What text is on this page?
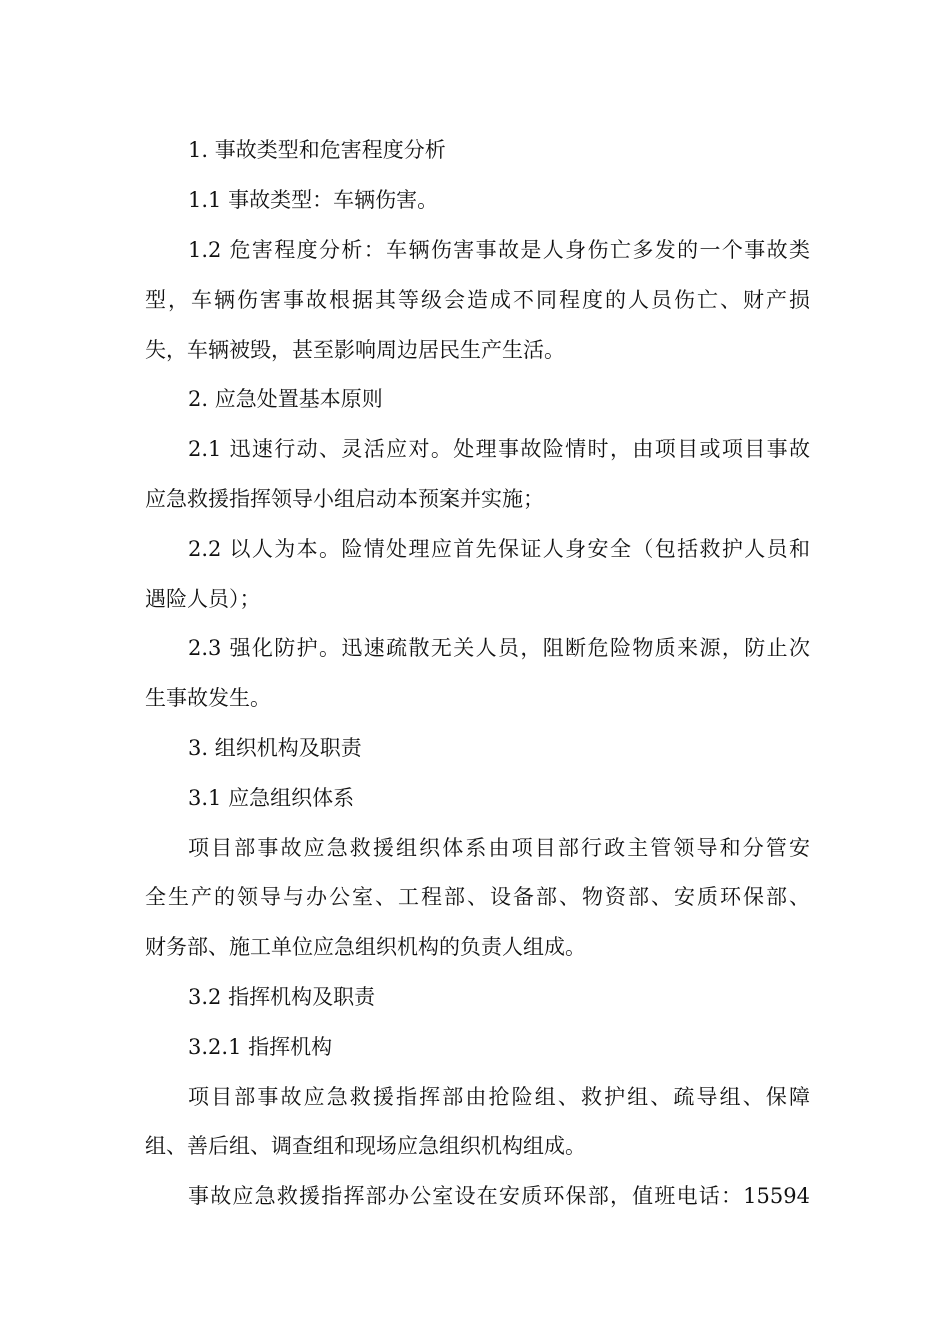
1. 事故类型和危害程度分析
1.1 事故类型：车辆伤害。
1.2 危害程度分析：车辆伤害事故是人身伤亡多发的一个事故类
型，车辆伤害事故根据其等级会造成不同程度的人员伤亡、财产损
失，车辆被毁，甚至影响周边居民生产生活。
2. 应急处置基本原则
2.1 迅速行动、灵活应对。处理事故险情时，由项目或项目事故
应急救援指挥领导小组启动本预案并实施；
2.2 以人为本。险情处理应首先保证人身安全（包括救护人员和
遇险人员）；
2.3 强化防护。迅速疏散无关人员，阻断危险物质来源，防止次
生事故发生。
3. 组织机构及职责
3.1 应急组织体系
项目部事故应急救援组织体系由项目部行政主管领导和分管安
全生产的领导与办公室、工程部、设备部、物资部、安质环保部、
财务部、施工单位应急组织机构的负责人组成。
3.2 指挥机构及职责
3.2.1 指挥机构
项目部事故应急救援指挥部由抢险组、救护组、疏导组、保障
组、善后组、调查组和现场应急组织机构组成。
事故应急救援指挥部办公室设在安质环保部，值班电话：15594
